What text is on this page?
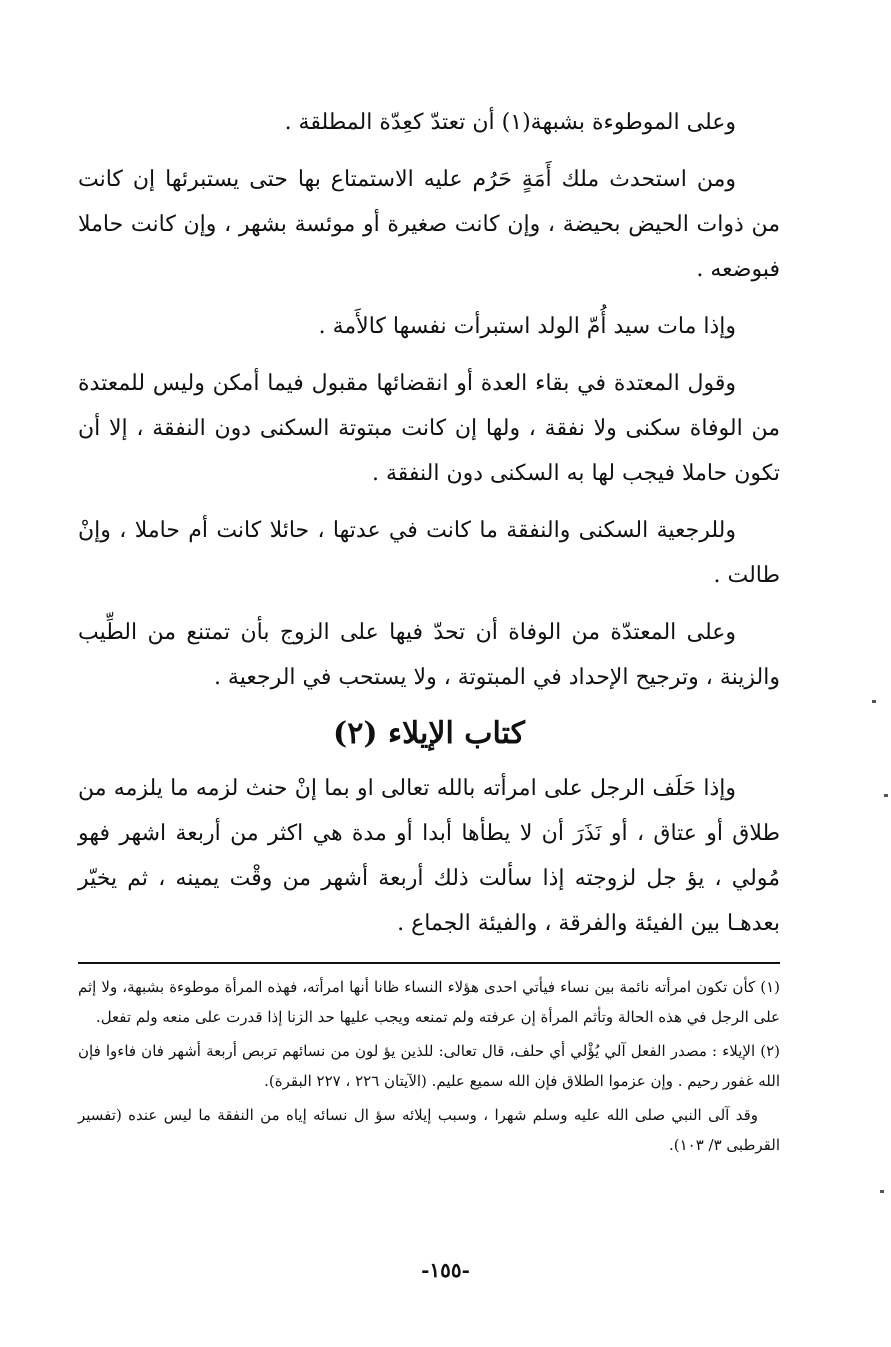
وعلى الموطوءة بشبهة(١) أن تعتدّ كعِدّة المطلقة .

ومن استحدث ملك أَمَةٍ حَرُم عليه الاستمتاع بها حتى يستبرئها إن كانت من ذوات الحيض بحيضة ، وإن كانت صغيرة أو موئسة بشهر ، وإن كانت حاملا فبوضعه .

وإذا مات سيد أُمّ الولد استبرأت نفسها كالأَمة .

وقول المعتدة في بقاء العدة أو انقضائها مقبول فيما أمكن وليس للمعتدة من الوفاة سكنى ولا نفقة ، ولها إن كانت مبتوتة السكنى دون النفقة ، إلا أن تكون حاملا فيجب لها به السكنى دون النفقة .

وللرجعية السكنى والنفقة ما كانت في عدتها ، حائلا كانت أم حاملا ، وإنْ طالت .

وعلى المعتدّة من الوفاة أن تحدّ فيها على الزوج بأن تمتنع من الطِّيب والزينة ، وترجيح الإحداد في المبتوتة ، ولا يستحب في الرجعية .

كتاب الإيلاء (٢)

وإذا حَلَف الرجل على امرأته بالله تعالى او بما إنْ حنث لزمه ما يلزمه من طلاق أو عتاق ، أو نَذَرَ أن لا يطأها أبدا أو مدة هي اكثر من أربعة اشهر فهو مُولي ، يؤ جل لزوجته إذا سألت ذلك أربعة أشهر من وقْت يمينه ، ثم يخيّر بعدهـا بين الفيئة والفرقة ، والفيئة الجماع .

(١) كأن تكون امرأته نائمة بين نساء فيأتي احدى هؤلاء النساء ظانا أنها امرأته، فهذه المرأة موطوءة بشبهة، ولا إثم على الرجل في هذه الحالة وتأثم المرأة إن عرفته ولم تمنعه ويجب عليها حد الزنا إذا قدرت على منعه ولم تفعل.

(٢) الإيلاء : مصدر الفعل آلي يُؤْلي أي حلف، قال تعالى: للذين يؤ لون من نسائهم تربص أربعة أشهر فان فاءوا فإن الله غفور رحيم . وإن عزموا الطلاق فإن الله سميع عليم. (الآيتان ٢٢٦ ، ٢٢٧ البقرة).

وقد آلى النبي صلى الله عليه وسلم شهرا ، وسبب إيلائه سؤ ال نسائه إياه من النفقة ما ليس عنده (تفسير القرطبى ٣/ ١٠٣).

-١٥٥-
